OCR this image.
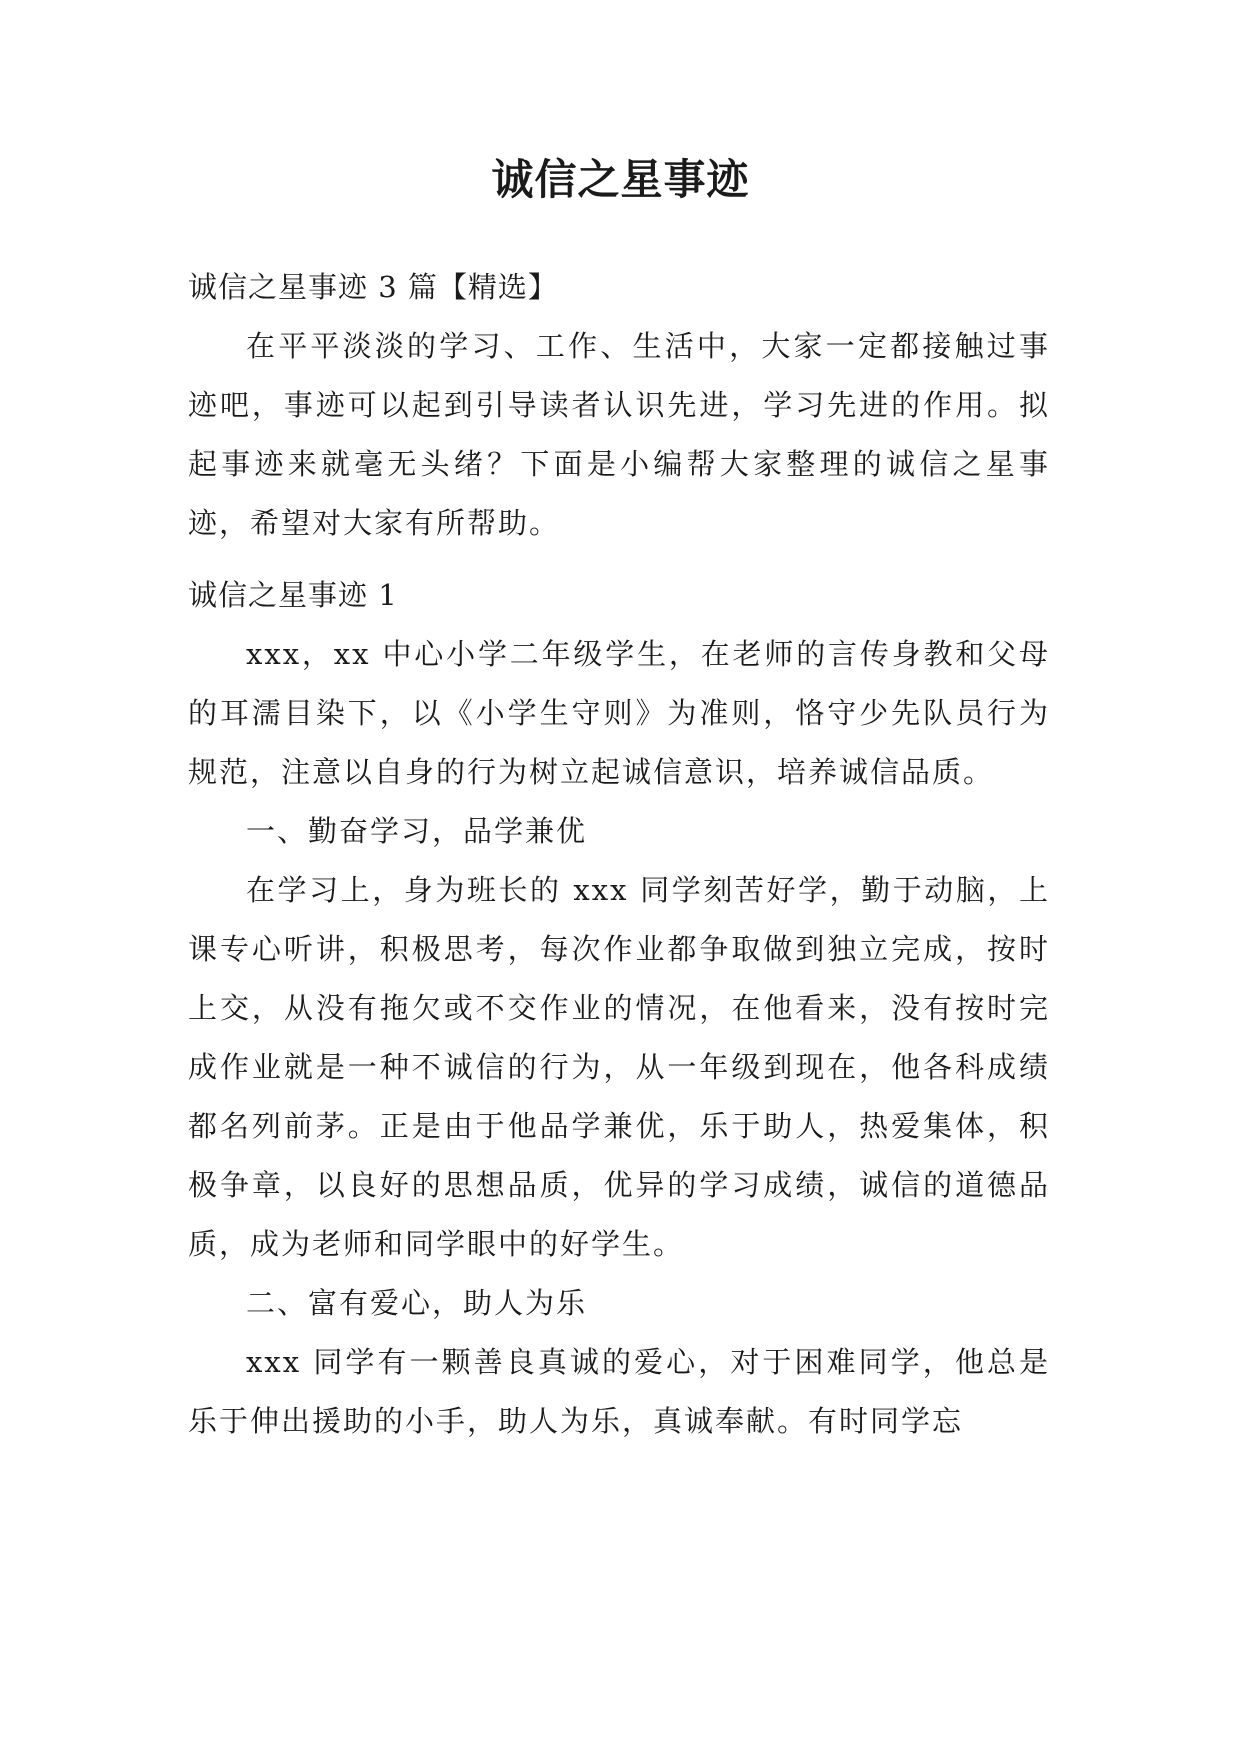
诚信之星事迹

诚信之星事迹 3 篇【精选】

在平平淡淡的学习、工作、生活中，大家一定都接触过事迹吧，事迹可以起到引导读者认识先进，学习先进的作用。拟起事迹来就毫无头绪？下面是小编帮大家整理的诚信之星事迹，希望对大家有所帮助。

诚信之星事迹 1

xxx，xx 中心小学二年级学生，在老师的言传身教和父母的耳濡目染下，以《小学生守则》为准则，恪守少先队员行为规范，注意以自身的行为树立起诚信意识，培养诚信品质。

一、勤奋学习，品学兼优

在学习上，身为班长的 xxx 同学刻苦好学，勤于动脑，上课专心听讲，积极思考，每次作业都争取做到独立完成，按时上交，从没有拖欠或不交作业的情况，在他看来，没有按时完成作业就是一种不诚信的行为，从一年级到现在，他各科成绩都名列前茅。正是由于他品学兼优，乐于助人，热爱集体，积极争章，以良好的思想品质，优异的学习成绩，诚信的道德品质，成为老师和同学眼中的好学生。

二、富有爱心，助人为乐

xxx 同学有一颗善良真诚的爱心，对于困难同学，他总是乐于伸出援助的小手，助人为乐，真诚奉献。有时同学忘
